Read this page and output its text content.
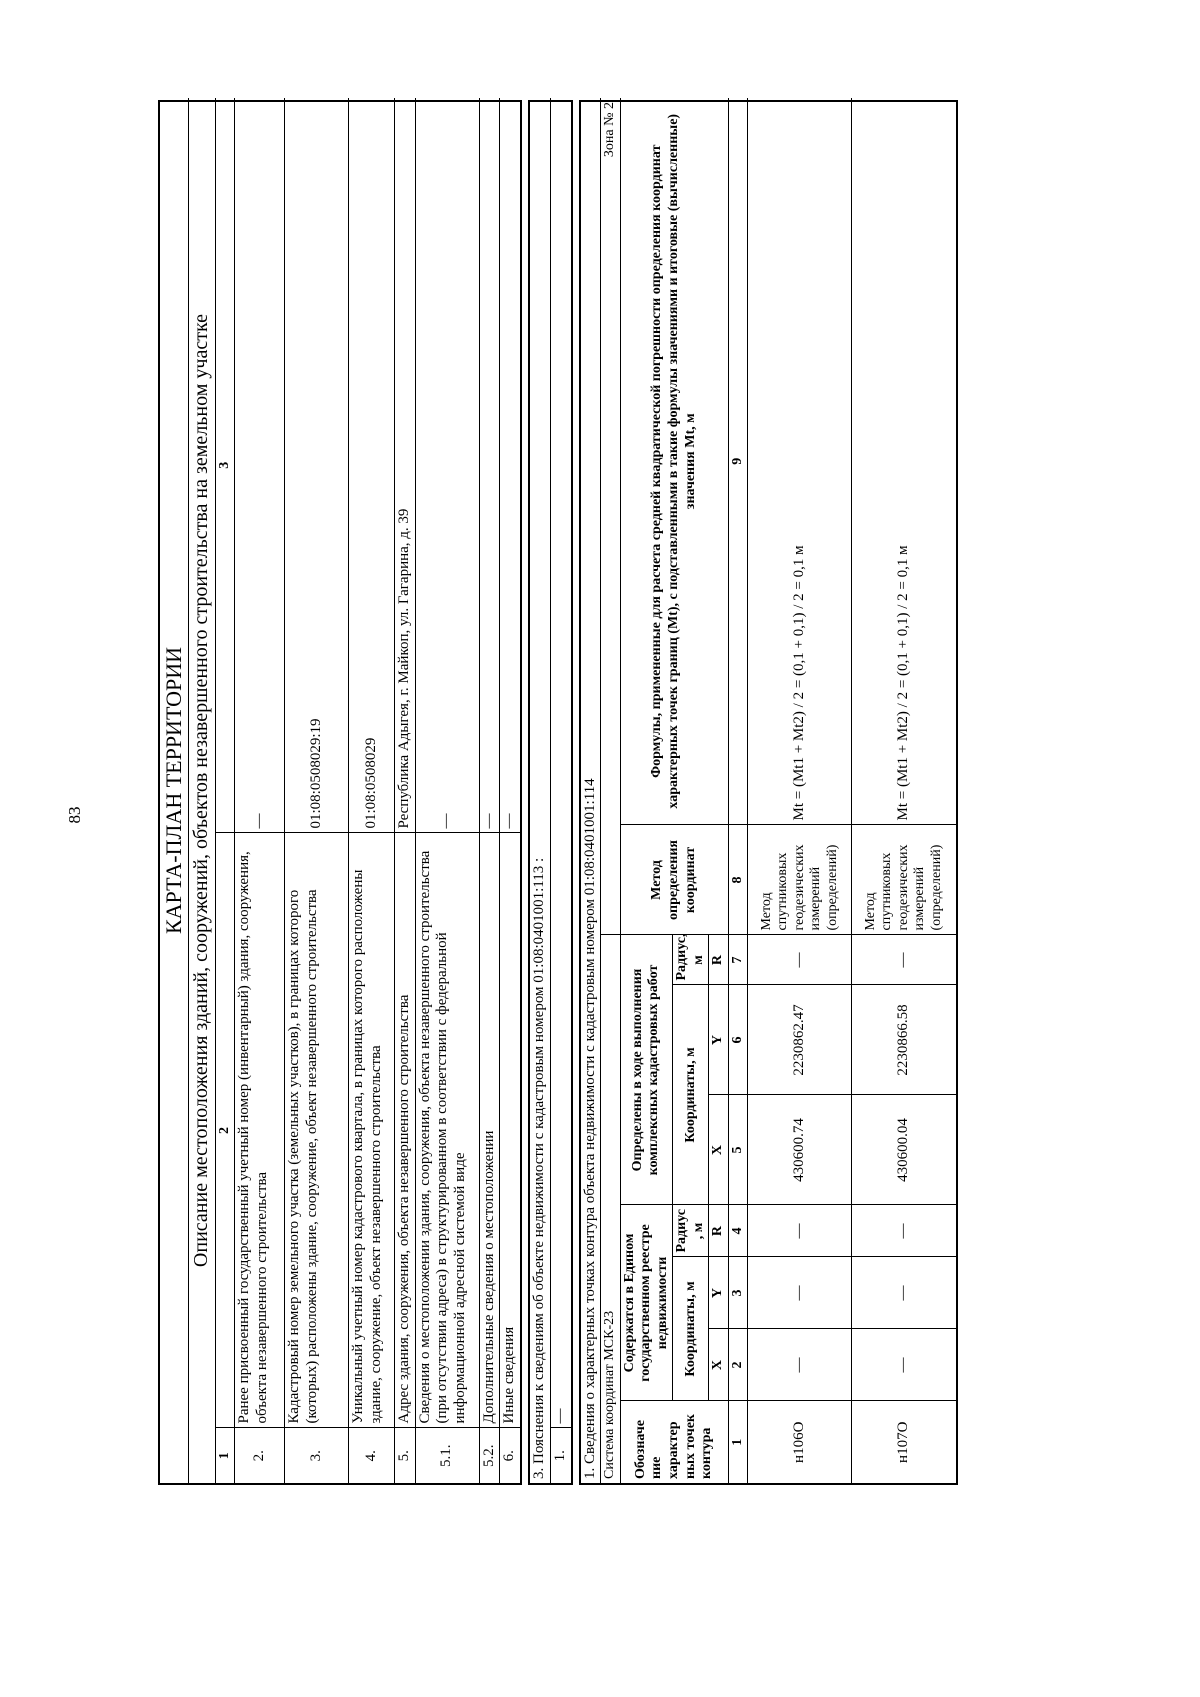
83	КАРТА-ПЛАН ТЕРРИТОРИИ		
Описание местоположения зданий, сооружений, объектов незавершенного строительства на земельном участке		
1	2	3
2.	Ранее присвоенный государственный учетный номер (инвентарный) здания, сооружения, объекта незавершенного строительства	—
3.	Кадастровый номер земельного участка (земельных участков), в границах которого (которых) расположены здание, сооружение, объект незавершенного строительства	01:08:0508029:19
4.	Уникальный учетный номер кадастрового квартала, в границах которого расположены здание, сооружение, объект незавершенного строительства	01:08:0508029
5.	Адрес здания, сооружения, объекта незавершенного строительства	Республика Адыгея, г. Майкоп, ул. Гагарина, д. 39
5.1.	Сведения о местоположении здания, сооружения, объекта незавершенного строительства (при отсутствии адреса) в структурированном в соответствии с федеральной информационной адресной системой виде	—
5.2.	Дополнительные сведения о местоположении	—
6.	Иные сведения	—
3. Пояснения к сведениям об объекте недвижимости с кадастровым номером 01:08:0401001:113 :
1.	— 1. Сведения о характерных точках контура объекта недвижимости с кадастровым номером 01:08:0401001:114								
Система координат МСК-23							Зона № 2	
Обозначе ние характер ных точек контура	Содержатся в Едином государственном реестре недвижимости			Определены в ходе выполнения комплексных кадастровых работ			Метод определения координат	Формулы, примененные для расчета средней квадратической погрешности определения координат характерных точек границ (Mt), с подставленными в такие формулы значениями и итоговые (вычисленные) значения Mt, м
	Координаты, м		Радиус , м	Координаты, м		Радиус, м		
	X	Y	R	X	Y	R		
1	2	3	4	5	6	7	8	9
н106О	—	—	—	430600.74	2230862.47	—	Метод спутниковых геодезических измерений (определений)	Mt = (Mt1 + Mt2) / 2 = (0,1 + 0,1) / 2 = 0,1 м
н107О	—	—	—	430600.04	2230866.58	—	Метод спутниковых геодезических измерений (определений)	Mt = (Mt1 + Mt2) / 2 = (0,1 + 0,1) / 2 = 0,1 м
